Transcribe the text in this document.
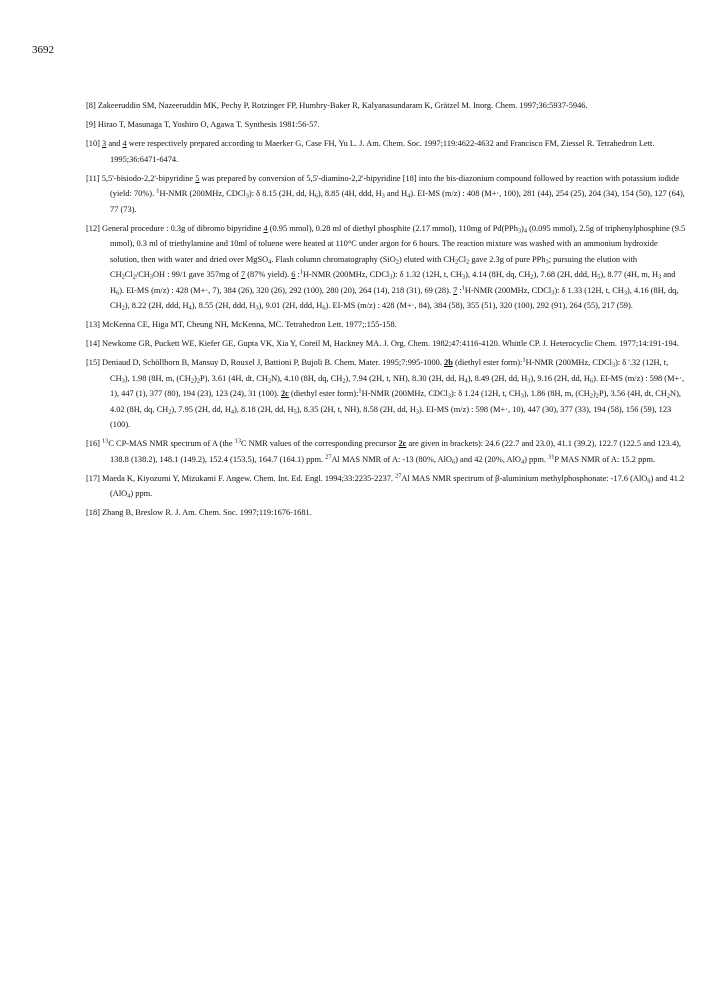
3692
[8] Zakeeruddin SM, Nazeeruddin MK, Pechy P, Rotzinger FP, Humhry-Baker R, Kalyanasundaram K, Grätzel M. Inorg. Chem. 1997;36:5937-5946.
[9] Hirao T, Masunaga T, Yoshiro O, Agawa T. Synthesis 1981:56-57.
[10] 3 and 4 were respectively prepared according to Maerker G, Case FH, Yu L. J. Am. Chem. Soc. 1997;119:4622-4632 and Francisco FM, Ziessel R. Tetrahedron Lett. 1995;36:6471-6474.
[11] 5,5'-bisiodo-2,2'-bipyridine 5 was prepared by conversion of 5,5'-diamino-2,2'-bipyridine [18] into the bis-diazonium compound followed by reaction with potassium iodide (yield: 70%). $^1$H-NMR (200MHz, CDCl$_3$): δ 8.15 (2H, dd, $H_6$), 8.85 (4H, ddd, $H_3$ and $H_4$). EI-MS (m/z) : 408 (M+·, 100), 281 (44), 254 (25), 204 (34), 154 (50), 127 (64), 77 (73).
[12] General procedure : 0.3g of dibromo bipyridine 4 (0.95 mmol), 0.28 ml of diethyl phosphite (2.17 mmol), 110mg of $Pd(PPh_3)_4$ (0.095 mmol), 2.5g of triphenylphosphine (9.5 mmol), 0.3 ml of triethylamine and 10ml of toluene were heated at 110°C under argon for 6 hours. The reaction mixture was washed with an ammonium hydroxide solution, then with water and dried over MgSO$_4$. Flash column chromatography (SiO$_2$) eluted with $CH_2Cl_2$ gave 2.3g of pure PPh$_3$; pursuing the elution with $CH_2Cl_2/CH_3OH$ : 99/1 gave 357mg of 7 (87% yield). 6 :$^1$H-NMR (200MHz, CDCl$_3$): δ 1.32 (12H, t, $CH_3$), 4.14 (8H, dq, $CH_2$), 7.68 (2H, ddd, $H_5$), 8.77 (4H, m, $H_3$ and $H_6$). EI-MS (m/z) : 428 (M+·, 7), 384 (26), 320 (26), 292 (100), 280 (20), 264 (14), 218 (31), 69 (28). 7 :$^1$H-NMR (200MHz, CDCl$_3$): δ 1.33 (12H, t, $CH_3$), 4.16 (8H, dq, $CH_2$), 8.22 (2H, ddd, $H_4$), 8.55 (2H, ddd, $H_3$), 9.01 (2H, ddd, $H_6$). EI-MS (m/z) : 428 (M+·, 84), 384 (58), 355 (51), 320 (100), 292 (91), 264 (55), 217 (59).
[13] McKenna CE, Higa MT, Cheung NH, McKenna, MC. Tetrahedron Lett. 1977;:155-158.
[14] Newkome GR, Puckett WE, Kiefer GE, Gupta VK, Xia Y, Coreil M, Hackney MA. J. Org. Chem. 1982;47:4116-4120. Whittle CP. J. Heterocyclic Chem. 1977;14:191-194.
[15] Deniaud D, Schöllhorn B, Mansuy D, Rouxel J, Battioni P, Bujoli B. Chem. Mater. 1995;7:995-1000. 2b (diethyl ester form):$^1$H-NMR (200MHz, CDCl$_3$): δ '.32 (12H, t, $CH_3$), 1.98 (8H, m, $(CH_2)_2P$), 3.61 (4H, dt, $CH_2N$), 4.10 (8H, dq, $CH_2$), 7.94 (2H, t, NH), 8.30 (2H, dd, $H_4$), 8.49 (2H, dd, $H_3$), 9.16 (2H, dd, $H_6$). EI-MS (m/z) : 598 (M+·, 1), 447 (1), 377 (80), 194 (23), 123 (24), 31 (100). 2c (diethyl ester form):$^1$H-NMR (200MHz, CDCl$_3$): δ 1.24 (12H, t, $CH_3$), 1.86 (8H, m, $(CH_2)_2P$), 3.56 (4H, dt, $CH_2N$), 4.02 (8H, dq, $CH_2$), 7.95 (2H, dd, $H_4$), 8.18 (2H, dd, $H_5$), 8.35 (2H, t, NH), 8.58 (2H, dd, $H_3$). EI-MS (m/z) : 598 (M+·, 10), 447 (30), 377 (33), 194 (58), 156 (59), 123 (100).
[16] $^{13}$C CP-MAS NMR spectrum of A (the $^{13}$C NMR values of the corresponding precursor 2c are given in brackets): 24.6 (22.7 and 23.0), 41.1 (39.2), 122.7 (122.5 and 123.4), 138.8 (138.2), 148.1 (149.2), 152.4 (153.5), 164.7 (164.1) ppm. $^{27}$Al MAS NMR of A: -13 (80%, AlO$_6$) and 42 (20%, AlO$_4$) ppm. $^{31}$P MAS NMR of A: 15.2 ppm.
[17] Maeda K, Kiyozumi Y, Mizukami F. Angew. Chem. Int. Ed. Engl. 1994;33:2235-2237. $^{27}$Al MAS NMR spectrum of β-aluminium methylphosphonate: -17.6 (AlO$_6$) and 41.2 (AlO$_4$) ppm.
[18] Zhang B, Breslow R. J. Am. Chem. Soc. 1997;119:1676-1681.
